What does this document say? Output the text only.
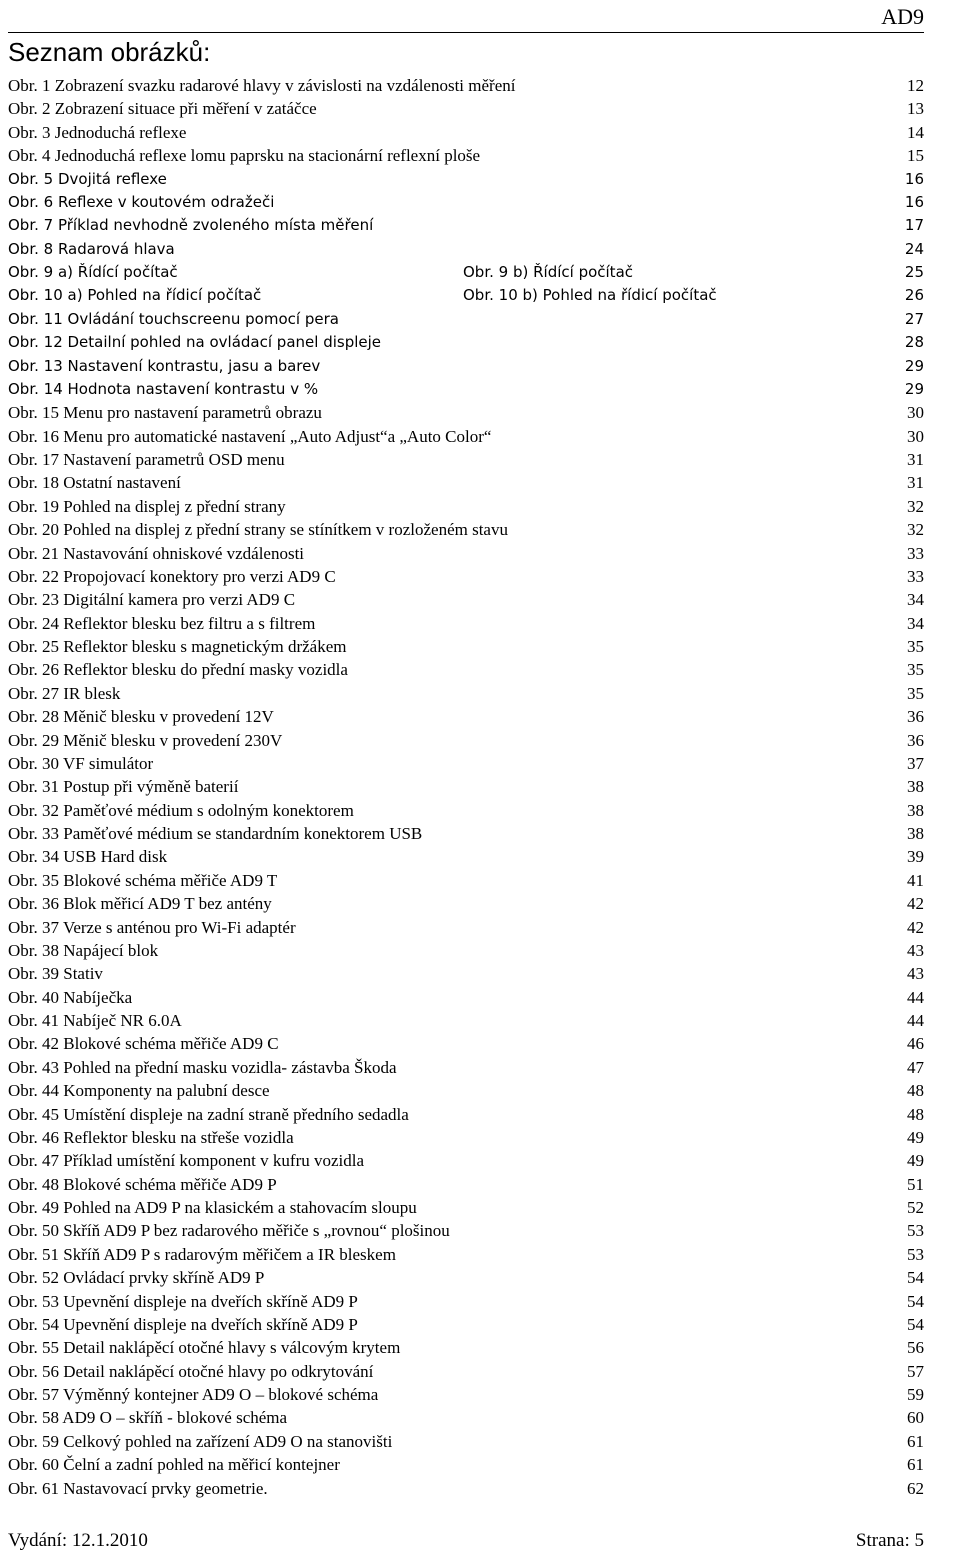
AD9
Seznam obrázků:
Obr. 1 Zobrazení svazku radarové hlavy v závislosti na vzdálenosti měření	12
Obr. 2 Zobrazení situace při měření v zatáčce	13
Obr. 3 Jednoduchá reflexe	14
Obr. 4 Jednoduchá reflexe lomu paprsku na stacionární reflexní ploše	15
Obr. 5 Dvojitá reflexe	16
Obr. 6 Reflexe v koutovém odražeči	16
Obr. 7 Příklad nevhodně zvoleného místa měření	17
Obr. 8 Radarová hlava	24
Obr. 9 a) Řídící počítač	Obr. 9 b) Řídící počítač	25
Obr. 10 a) Pohled na řídicí počítač	Obr. 10 b) Pohled na řídicí počítač	26
Obr. 11 Ovládání touchscreenu pomocí pera	27
Obr. 12 Detailní pohled na ovládací panel displeje	28
Obr. 13 Nastavení kontrastu, jasu a barev	29
Obr. 14 Hodnota nastavení kontrastu v %	29
Obr. 15 Menu pro nastavení parametrů obrazu	30
Obr. 16 Menu pro automatické nastavení „Auto Adjust“a „Auto Color“	30
Obr. 17 Nastavení parametrů OSD menu	31
Obr. 18 Ostatní nastavení	31
Obr. 19 Pohled na displej z přední strany	32
Obr. 20 Pohled na displej z přední strany se stínítkem v rozloženém stavu	32
Obr. 21 Nastavování ohniskové vzdálenosti	33
Obr. 22 Propojovací konektory pro verzi AD9 C	33
Obr. 23 Digitální kamera pro verzi AD9 C	34
Obr. 24 Reflektor blesku bez filtru a s filtrem	34
Obr. 25 Reflektor blesku s magnetickým držákem	35
Obr. 26 Reflektor blesku do přední masky vozidla	35
Obr. 27 IR blesk	35
Obr. 28 Měnič blesku v provedení 12V	36
Obr. 29 Měnič blesku v provedení 230V	36
Obr. 30 VF simulátor	37
Obr. 31 Postup při výměně baterií	38
Obr. 32 Paměťové médium s odolným konektorem	38
Obr. 33 Paměťové médium se standardním konektorem USB	38
Obr. 34 USB Hard disk	39
Obr. 35 Blokové schéma měřiče AD9 T	41
Obr. 36 Blok měřicí AD9 T bez antény	42
Obr. 37 Verze s anténou pro Wi-Fi adaptér	42
Obr. 38 Napájecí blok	43
Obr. 39 Stativ	43
Obr. 40 Nabíječka	44
Obr. 41 Nabíječ NR 6.0A	44
Obr. 42 Blokové schéma měřiče AD9 C	46
Obr. 43 Pohled na přední masku vozidla- zástavba Škoda	47
Obr. 44 Komponenty na palubní desce	48
Obr. 45 Umístění displeje na zadní straně předního sedadla	48
Obr. 46 Reflektor blesku na střeše vozidla	49
Obr. 47 Příklad umístění komponent v kufru vozidla	49
Obr. 48 Blokové schéma měřiče AD9 P	51
Obr. 49 Pohled na AD9 P na klasickém a stahovacím sloupu	52
Obr. 50 Skříň AD9 P bez radarového měřiče s „rovnou“ plošinou	53
Obr. 51 Skříň AD9 P s radarovým měřičem a IR bleskem	53
Obr. 52 Ovládací prvky skříně AD9 P	54
Obr. 53 Upevnění displeje na dveřích skříně AD9 P	54
Obr. 54 Upevnění displeje na dveřích skříně AD9 P	54
Obr. 55 Detail naklápěcí otočné hlavy s válcovým krytem	56
Obr. 56 Detail naklápěcí otočné hlavy po odkrytování	57
Obr. 57 Výměnný kontejner AD9 O – blokové schéma	59
Obr. 58 AD9 O – skříň - blokové schéma	60
Obr. 59 Celkový pohled na zařízení AD9 O na stanovišti	61
Obr. 60 Čelní a zadní pohled na měřicí kontejner	61
Obr. 61 Nastavovací prvky geometrie.	62
Vydání: 12.1.2010	Strana: 5
